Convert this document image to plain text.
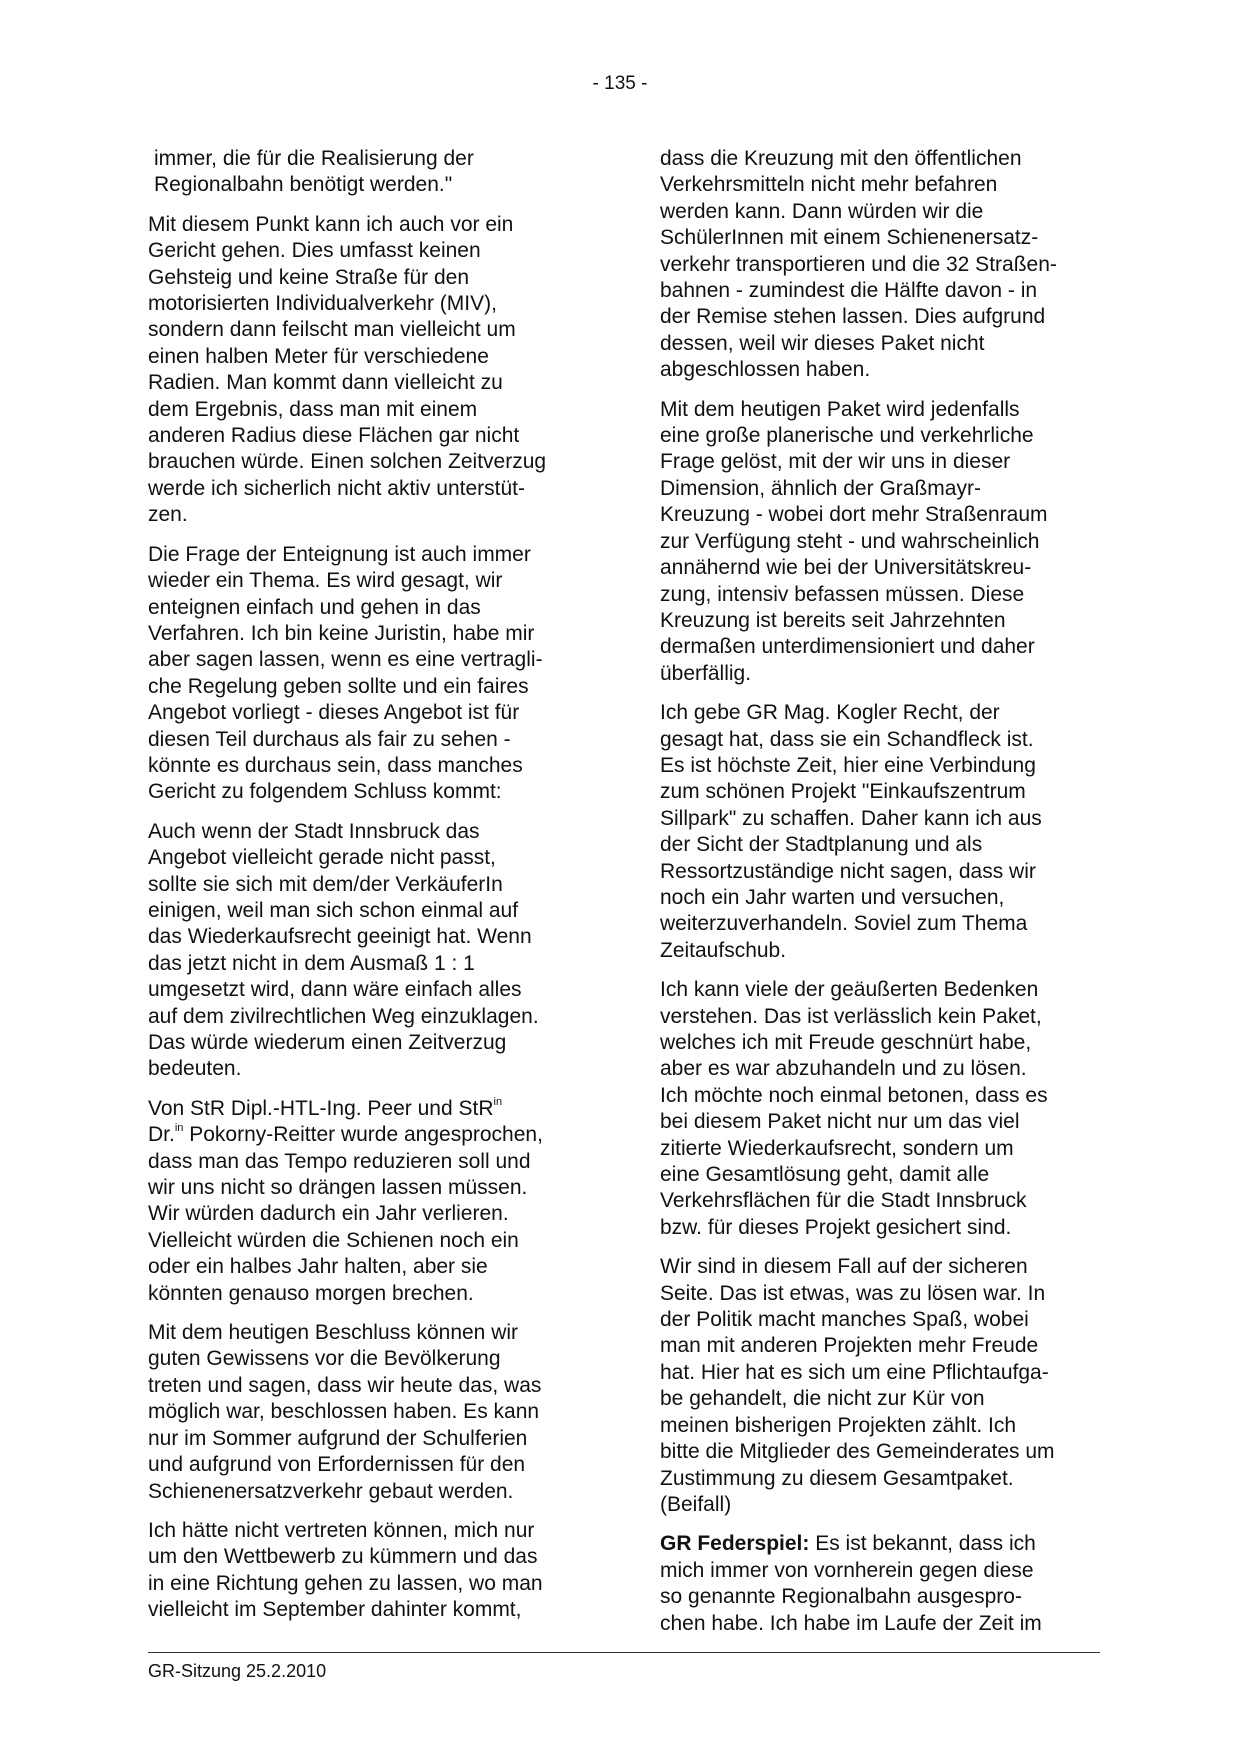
- 135 -

immer, die für die Realisierung der
Regionalbahn benötigt werden."

Mit diesem Punkt kann ich auch vor ein
Gericht gehen. Dies umfasst keinen
Gehsteig und keine Straße für den
motorisierten Individualverkehr (MIV),
sondern dann feilscht man vielleicht um
einen halben Meter für verschiedene
Radien. Man kommt dann vielleicht zu
dem Ergebnis, dass man mit einem
anderen Radius diese Flächen gar nicht
brauchen würde. Einen solchen Zeitverzug
werde ich sicherlich nicht aktiv unterstüt-
zen.

Die Frage der Enteignung ist auch immer
wieder ein Thema. Es wird gesagt, wir
enteignen einfach und gehen in das
Verfahren. Ich bin keine Juristin, habe mir
aber sagen lassen, wenn es eine vertragli-
che Regelung geben sollte und ein faires
Angebot vorliegt - dieses Angebot ist für
diesen Teil durchaus als fair zu sehen -
könnte es durchaus sein, dass manches
Gericht zu folgendem Schluss kommt:

Auch wenn der Stadt Innsbruck das
Angebot vielleicht gerade nicht passt,
sollte sie sich mit dem/der VerkäuferIn
einigen, weil man sich schon einmal auf
das Wiederkaufsrecht geeinigt hat. Wenn
das jetzt nicht in dem Ausmaß 1 : 1
umgesetzt wird, dann wäre einfach alles
auf dem zivilrechtlichen Weg einzuklagen.
Das würde wiederum einen Zeitverzug
bedeuten.

Von StR Dipl.-HTL-Ing. Peer und StR$^{in}$
Dr.$^{in}$ Pokorny-Reitter wurde angesprochen,
dass man das Tempo reduzieren soll und
wir uns nicht so drängen lassen müssen.
Wir würden dadurch ein Jahr verlieren.
Vielleicht würden die Schienen noch ein
oder ein halbes Jahr halten, aber sie
könnten genauso morgen brechen.

Mit dem heutigen Beschluss können wir
guten Gewissens vor die Bevölkerung
treten und sagen, dass wir heute das, was
möglich war, beschlossen haben. Es kann
nur im Sommer aufgrund der Schulferien
und aufgrund von Erfordernissen für den
Schienenersatzverkehr gebaut werden.

Ich hätte nicht vertreten können, mich nur
um den Wettbewerb zu kümmern und das
in eine Richtung gehen zu lassen, wo man
vielleicht im September dahinter kommt,

dass die Kreuzung mit den öffentlichen
Verkehrsmitteln nicht mehr befahren
werden kann. Dann würden wir die
SchülerInnen mit einem Schienenersatz-
verkehr transportieren und die 32 Straßen-
bahnen - zumindest die Hälfte davon - in
der Remise stehen lassen. Dies aufgrund
dessen, weil wir dieses Paket nicht
abgeschlossen haben.

Mit dem heutigen Paket wird jedenfalls
eine große planerische und verkehrliche
Frage gelöst, mit der wir uns in dieser
Dimension, ähnlich der Graßmayr-
Kreuzung - wobei dort mehr Straßenraum
zur Verfügung steht - und wahrscheinlich
annähernd wie bei der Universitätskreu-
zung, intensiv befassen müssen. Diese
Kreuzung ist bereits seit Jahrzehnten
dermaßen unterdimensioniert und daher
überfällig.

Ich gebe GR Mag. Kogler Recht, der
gesagt hat, dass sie ein Schandfleck ist.
Es ist höchste Zeit, hier eine Verbindung
zum schönen Projekt "Einkaufszentrum
Sillpark" zu schaffen. Daher kann ich aus
der Sicht der Stadtplanung und als
Ressortzuständige nicht sagen, dass wir
noch ein Jahr warten und versuchen,
weiterzuverhandeln. Soviel zum Thema
Zeitaufschub.

Ich kann viele der geäußerten Bedenken
verstehen. Das ist verlässlich kein Paket,
welches ich mit Freude geschnürt habe,
aber es war abzuhandeln und zu lösen.
Ich möchte noch einmal betonen, dass es
bei diesem Paket nicht nur um das viel
zitierte Wiederkaufsrecht, sondern um
eine Gesamtlösung geht, damit alle
Verkehrsflächen für die Stadt Innsbruck
bzw. für dieses Projekt gesichert sind.

Wir sind in diesem Fall auf der sicheren
Seite. Das ist etwas, was zu lösen war. In
der Politik macht manches Spaß, wobei
man mit anderen Projekten mehr Freude
hat. Hier hat es sich um eine Pflichtaufga-
be gehandelt, die nicht zur Kür von
meinen bisherigen Projekten zählt. Ich
bitte die Mitglieder des Gemeinderates um
Zustimmung zu diesem Gesamtpaket.
(Beifall)

GR Federspiel: Es ist bekannt, dass ich
mich immer von vornherein gegen diese
so genannte Regionalbahn ausgespro-
chen habe. Ich habe im Laufe der Zeit im

GR-Sitzung 25.2.2010
